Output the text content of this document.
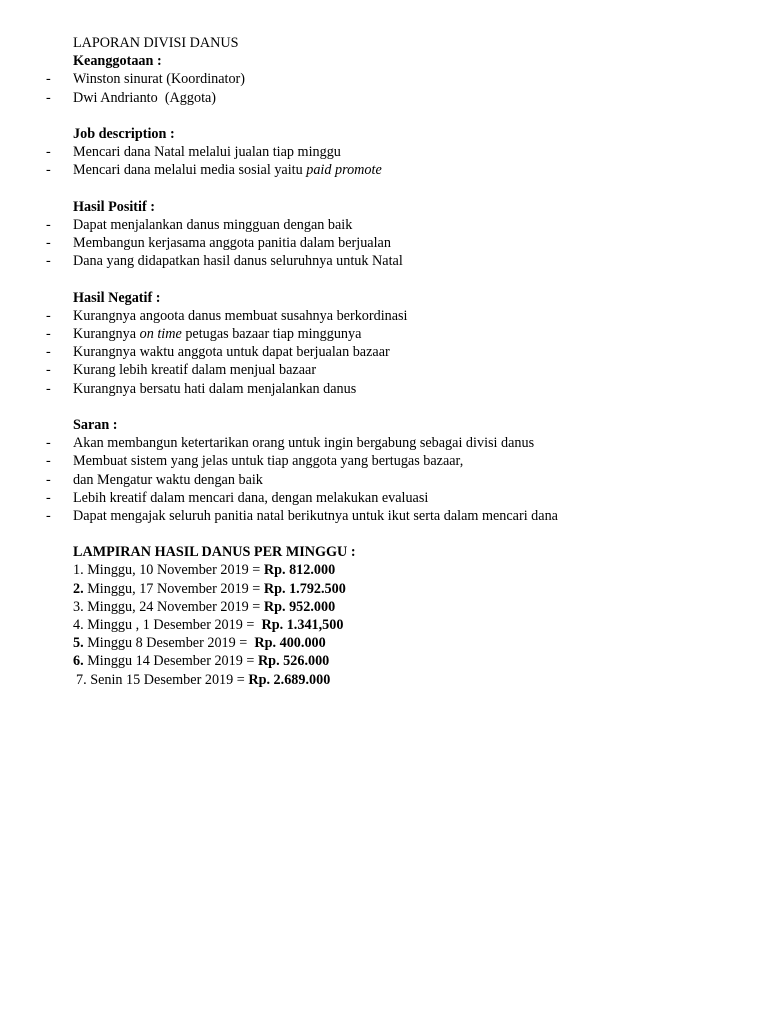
LAPORAN DIVISI DANUS
Keanggotaan :
- Winston sinurat (Koordinator)
- Dwi Andrianto  (Aggota)
Job description :
- Mencari dana Natal melalui jualan tiap minggu
- Mencari dana melalui media sosial yaitu paid promote
Hasil Positif :
- Dapat menjalankan danus mingguan dengan baik
- Membangun kerjasama anggota panitia dalam berjualan
- Dana yang didapatkan hasil danus seluruhnya untuk Natal
Hasil Negatif :
- Kurangnya angoota danus membuat susahnya berkordinasi
- Kurangnya on time petugas bazaar tiap minggunya
- Kurangnya waktu anggota untuk dapat berjualan bazaar
- Kurang lebih kreatif dalam menjual bazaar
- Kurangnya bersatu hati dalam menjalankan danus
Saran :
- Akan membangun ketertarikan orang untuk ingin bergabung sebagai divisi danus
- Membuat sistem yang jelas untuk tiap anggota yang bertugas bazaar,
- dan Mengatur waktu dengan baik
- Lebih kreatif dalam mencari dana, dengan melakukan evaluasi
- Dapat mengajak seluruh panitia natal berikutnya untuk ikut serta dalam mencari dana
LAMPIRAN HASIL DANUS PER MINGGU :
1. Minggu, 10 November 2019 = Rp. 812.000
2. Minggu, 17 November 2019 = Rp. 1.792.500
3. Minggu, 24 November 2019 = Rp. 952.000
4. Minggu , 1 Desember 2019 =  Rp. 1.341,500
5. Minggu 8 Desember 2019 =  Rp. 400.000
6. Minggu 14 Desember 2019 = Rp. 526.000
7. Senin 15 Desember 2019 = Rp. 2.689.000
